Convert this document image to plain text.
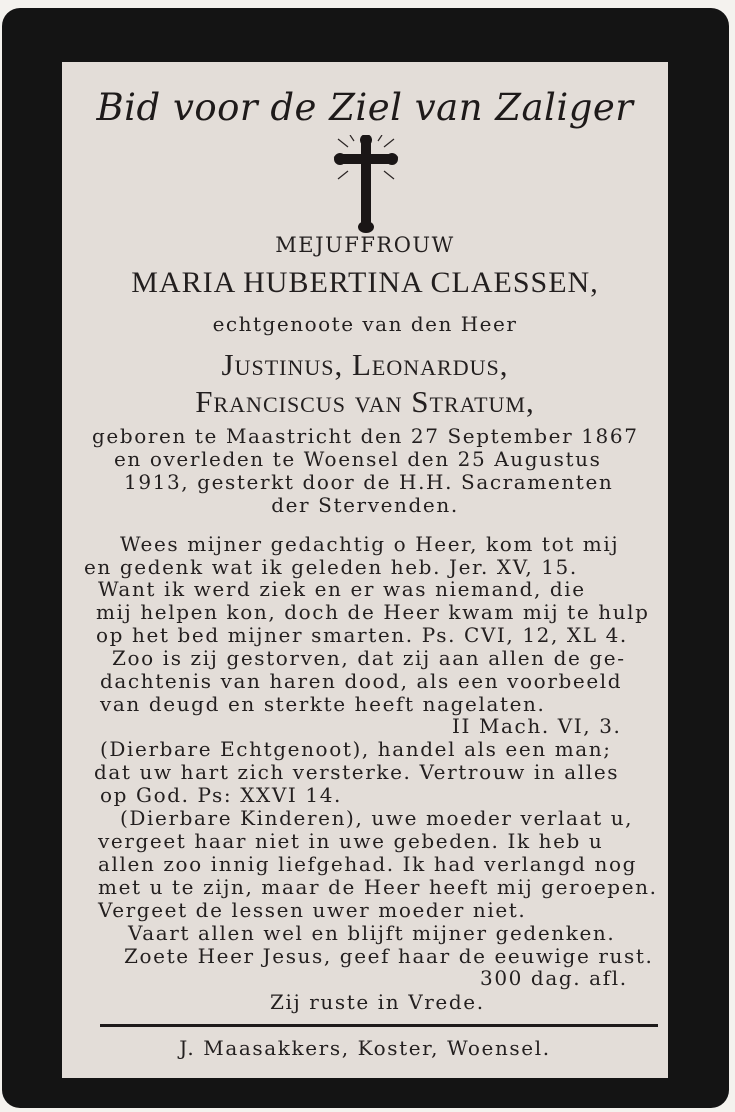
Bid voor de Ziel van Zaliger
MEJUFFROUW
MARIA HUBERTINA CLAESSEN,
echtgenoote van den Heer
Justinus, Leonardus,
Franciscus van Stratum,
geboren te Maastricht den 27 September 1867
en overleden te Woensel den 25 Augustus
1913, gesterkt door de H.H. Sacramenten
der Stervenden.
Wees mijner gedachtig o Heer, kom tot mij
en gedenk wat ik geleden heb. Jer. XV, 15.
Want ik werd ziek en er was niemand, die
mij helpen kon, doch de Heer kwam mij te hulp
op het bed mijner smarten. Ps. CVI, 12, XL 4.
Zoo is zij gestorven, dat zij aan allen de ge-
dachtenis van haren dood, als een voorbeeld
van deugd en sterkte heeft nagelaten.
II Mach. VI, 3.
(Dierbare Echtgenoot), handel als een man;
dat uw hart zich versterke. Vertrouw in alles
op God. Ps: XXVI 14.
(Dierbare Kinderen), uwe moeder verlaat u,
vergeet haar niet in uwe gebeden. Ik heb u
allen zoo innig liefgehad. Ik had verlangd nog
met u te zijn, maar de Heer heeft mij geroepen.
Vergeet de lessen uwer moeder niet.
Vaart allen wel en blijft mijner gedenken.
Zoete Heer Jesus, geef haar de eeuwige rust.
300 dag. afl.
Zij ruste in Vrede.
J. Maasakkers, Koster, Woensel.
